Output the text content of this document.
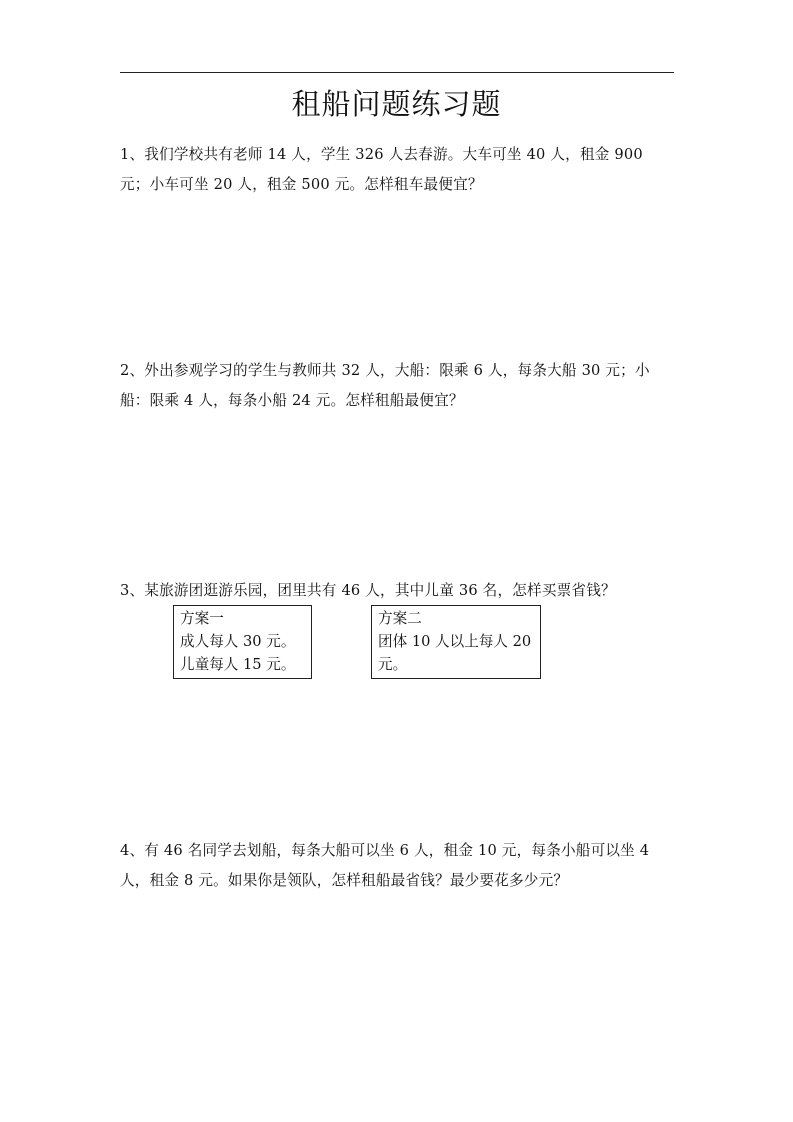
租船问题练习题
1、我们学校共有老师 14 人，学生 326 人去春游。大车可坐 40 人，租金 900 元；小车可坐 20 人，租金 500 元。怎样租车最便宜？
2、外出参观学习的学生与教师共 32 人，大船：限乘 6 人，每条大船 30 元；小船：限乘 4 人，每条小船 24 元。怎样租船最便宜？
3、某旅游团逛游乐园，团里共有 46 人，其中儿童 36 名，怎样买票省钱？
方案一
成人每人 30 元。
儿童每人 15 元。
方案二
团体 10 人以上每人 20
元。
4、有 46 名同学去划船，每条大船可以坐 6 人，租金 10 元，每条小船可以坐 4 人，租金 8 元。如果你是领队，怎样租船最省钱？最少要花多少元？
